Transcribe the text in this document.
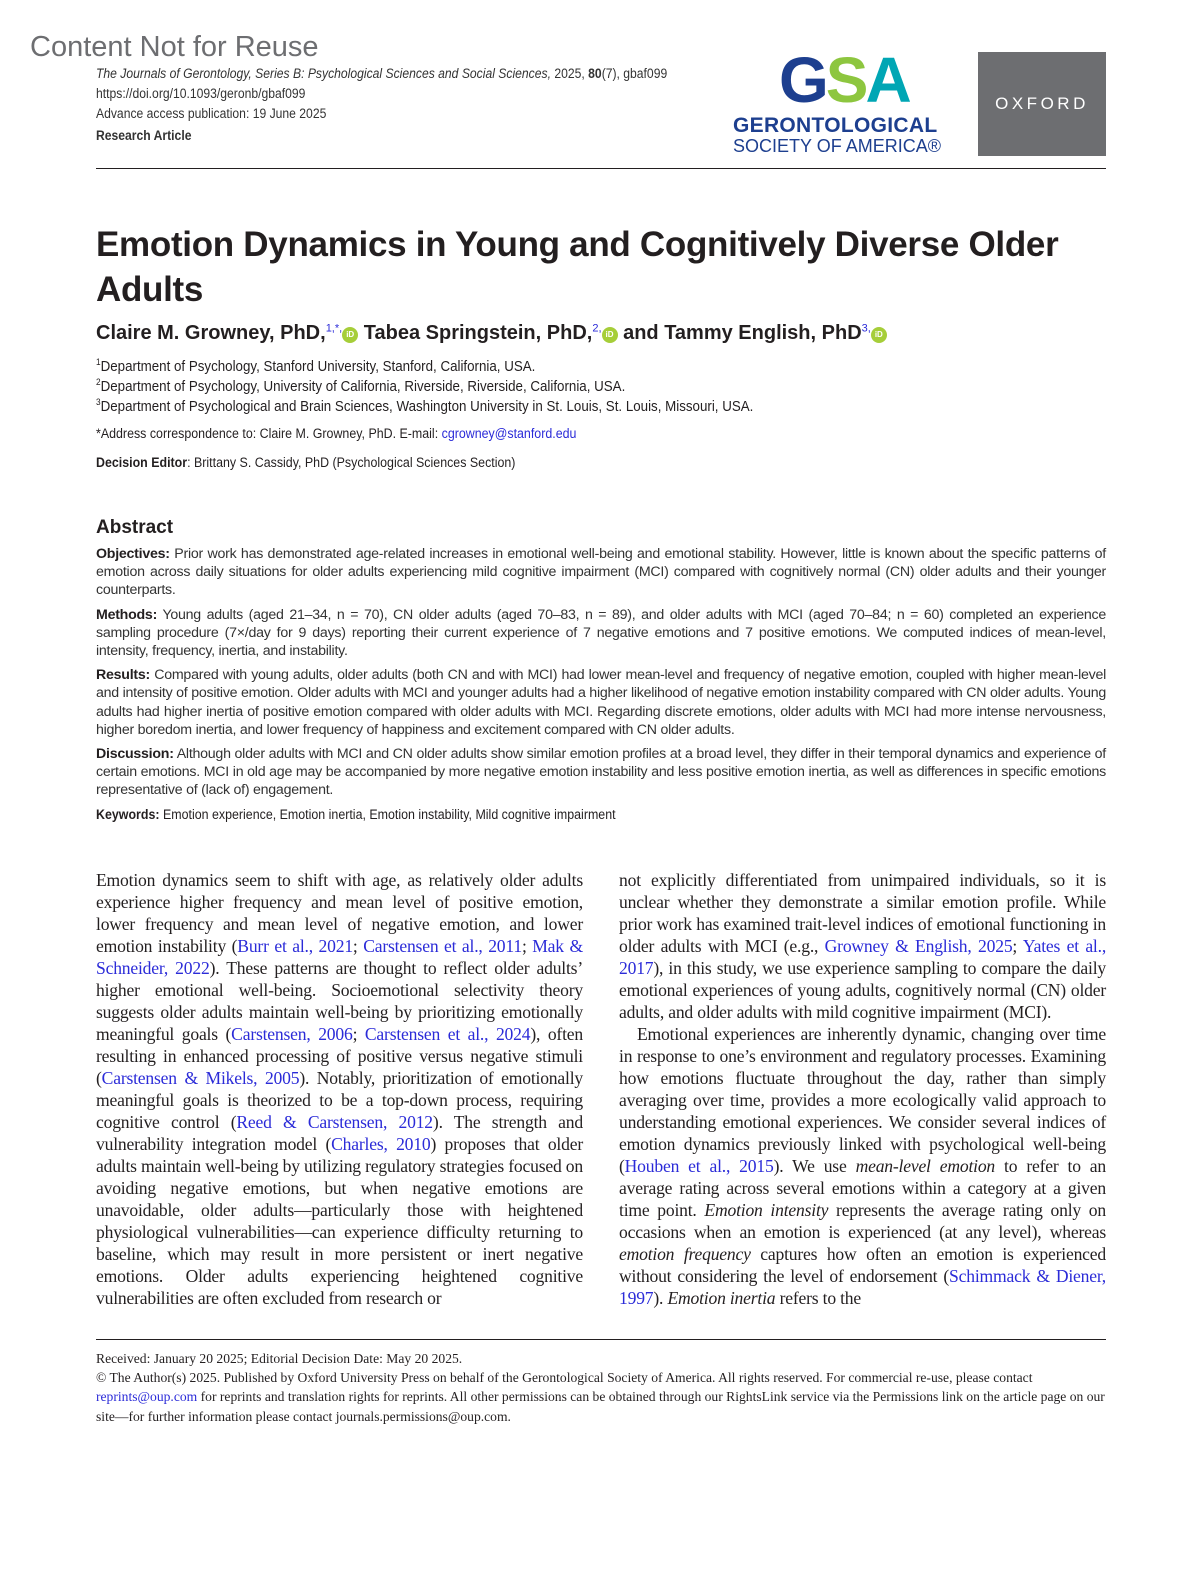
Content Not for Reuse
The Journals of Gerontology, Series B: Psychological Sciences and Social Sciences, 2025, 80(7), gbaf099
https://doi.org/10.1093/geronb/gbaf099
Advance access publication: 19 June 2025
Research Article
GSA
GERONTOLOGICAL
SOCIETY OF AMERICA®
OXFORD
Emotion Dynamics in Young and Cognitively Diverse Older Adults
Claire M. Growney, PhD,$^{1,*,}$iD Tabea Springstein, PhD,$^{2,}$iD and Tammy English, PhD$^{3,}$iD
$^1$Department of Psychology, Stanford University, Stanford, California, USA.
$^2$Department of Psychology, University of California, Riverside, Riverside, California, USA.
$^3$Department of Psychological and Brain Sciences, Washington University in St. Louis, St. Louis, Missouri, USA.
*Address correspondence to: Claire M. Growney, PhD. E-mail: cgrowney@stanford.edu
Decision Editor: Brittany S. Cassidy, PhD (Psychological Sciences Section)
Abstract

Objectives: Prior work has demonstrated age-related increases in emotional well-being and emotional stability. However, little is known about the specific patterns of emotion across daily situations for older adults experiencing mild cognitive impairment (MCI) compared with cognitively normal (CN) older adults and their younger counterparts.

Methods: Young adults (aged 21–34, n = 70), CN older adults (aged 70–83, n = 89), and older adults with MCI (aged 70–84; n = 60) completed an experience sampling procedure (7×/day for 9 days) reporting their current experience of 7 negative emotions and 7 positive emotions. We computed indices of mean-level, intensity, frequency, inertia, and instability.

Results: Compared with young adults, older adults (both CN and with MCI) had lower mean-level and frequency of negative emotion, coupled with higher mean-level and intensity of positive emotion. Older adults with MCI and younger adults had a higher likelihood of negative emotion instability compared with CN older adults. Young adults had higher inertia of positive emotion compared with older adults with MCI. Regarding discrete emotions, older adults with MCI had more intense nervousness, higher boredom inertia, and lower frequency of happiness and excitement compared with CN older adults.

Discussion: Although older adults with MCI and CN older adults show similar emotion profiles at a broad level, they differ in their temporal dynamics and experience of certain emotions. MCI in old age may be accompanied by more negative emotion instability and less positive emotion inertia, as well as differences in specific emotions representative of (lack of) engagement.

Keywords: Emotion experience, Emotion inertia, Emotion instability, Mild cognitive impairment

Emotion dynamics seem to shift with age, as relatively older adults experience higher frequency and mean level of positive emotion, lower frequency and mean level of negative emotion, and lower emotion instability (Burr et al., 2021; Carstensen et al., 2011; Mak & Schneider, 2022). These patterns are thought to reflect older adults’ higher emotional well-being. Socioemotional selectivity theory suggests older adults maintain well-being by prioritizing emotionally meaningful goals (Carstensen, 2006; Carstensen et al., 2024), often resulting in enhanced processing of positive versus negative stimuli (Carstensen & Mikels, 2005). Notably, prioritization of emotionally meaningful goals is theorized to be a top-down process, requiring cognitive control (Reed & Carstensen, 2012). The strength and vulnerability integration model (Charles, 2010) proposes that older adults maintain well-being by utilizing regulatory strategies focused on avoiding negative emotions, but when negative emotions are unavoidable, older adults—particularly those with heightened physiological vulnerabilities—can experience difficulty returning to baseline, which may result in more persistent or inert negative emotions. Older adults experiencing heightened cognitive vulnerabilities are often excluded from research or

not explicitly differentiated from unimpaired individuals, so it is unclear whether they demonstrate a similar emotion profile. While prior work has examined trait-level indices of emotional functioning in older adults with MCI (e.g., Growney & English, 2025; Yates et al., 2017), in this study, we use experience sampling to compare the daily emotional experiences of young adults, cognitively normal (CN) older adults, and older adults with mild cognitive impairment (MCI).

Emotional experiences are inherently dynamic, changing over time in response to one’s environment and regulatory processes. Examining how emotions fluctuate throughout the day, rather than simply averaging over time, provides a more ecologically valid approach to understanding emotional experiences. We consider several indices of emotion dynamics previously linked with psychological well-being (Houben et al., 2015). We use mean-level emotion to refer to an average rating across several emotions within a category at a given time point. Emotion intensity represents the average rating only on occasions when an emotion is experienced (at any level), whereas emotion frequency captures how often an emotion is experienced without considering the level of endorsement (Schimmack & Diener, 1997). Emotion inertia refers to the

Received: January 20 2025; Editorial Decision Date: May 20 2025.

© The Author(s) 2025. Published by Oxford University Press on behalf of the Gerontological Society of America. All rights reserved. For commercial re-use, please contact reprints@oup.com for reprints and translation rights for reprints. All other permissions can be obtained through our RightsLink service via the Permissions link on the article page on our site—for further information please contact journals.permissions@oup.com.
